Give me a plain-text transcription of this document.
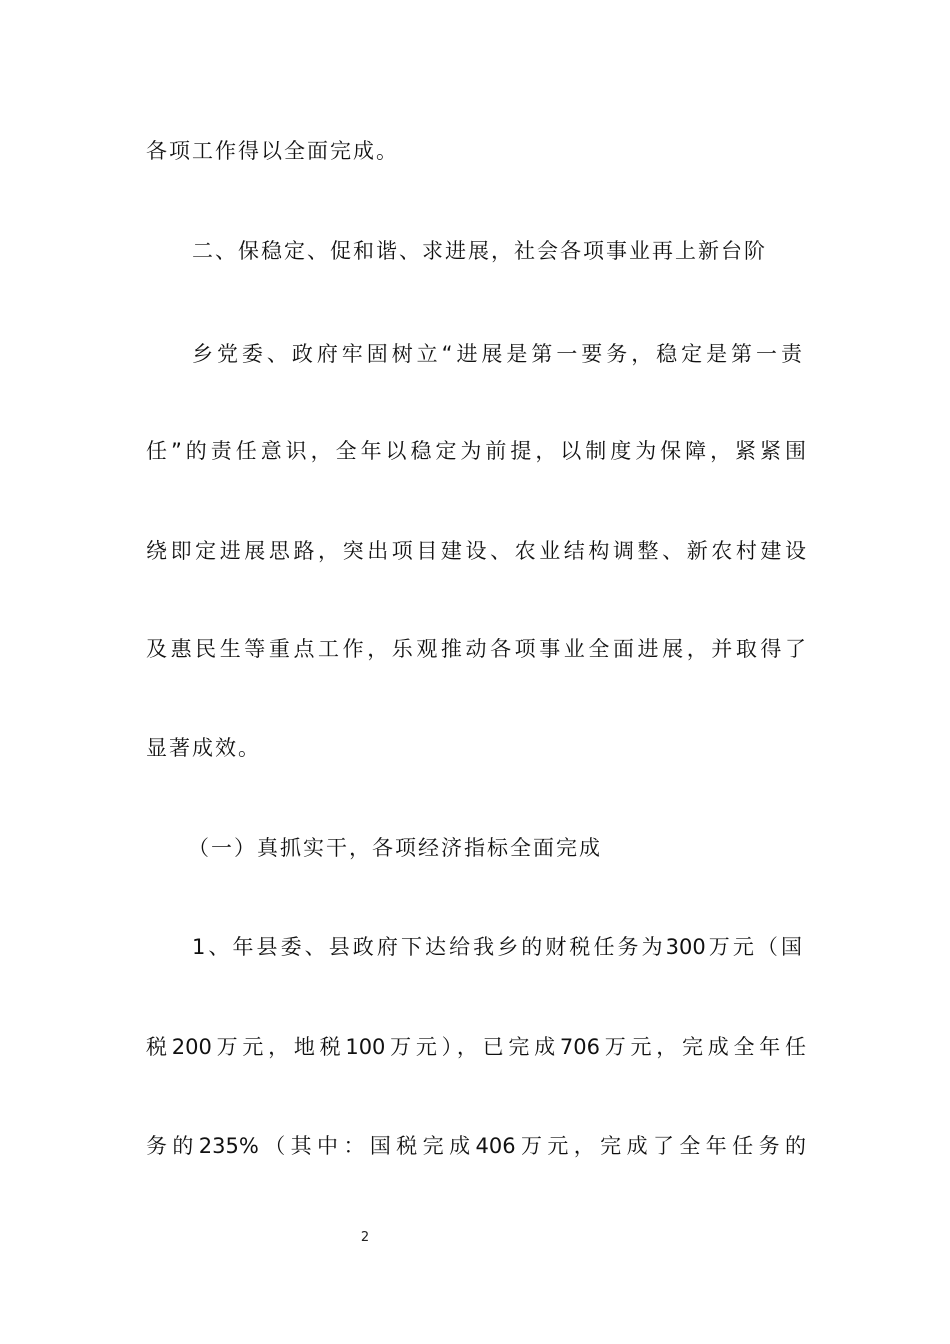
各项工作得以全面完成。
二、保稳定、促和谐、求进展，社会各项事业再上新台阶
乡党委、政府牢固树立“进展是第一要务，稳定是第一责
任”的责任意识，全年以稳定为前提，以制度为保障，紧紧围
绕即定进展思路，突出项目建设、农业结构调整、新农村建设
及惠民生等重点工作，乐观推动各项事业全面进展，并取得了
显著成效。
（一）真抓实干，各项经济指标全面完成
1、年县委、县政府下达给我乡的财税任务为300万元（国
税200万元，地税100万元），已完成706万元，完成全年任
务的235%（其中：国税完成406万元，完成了全年任务的
2
